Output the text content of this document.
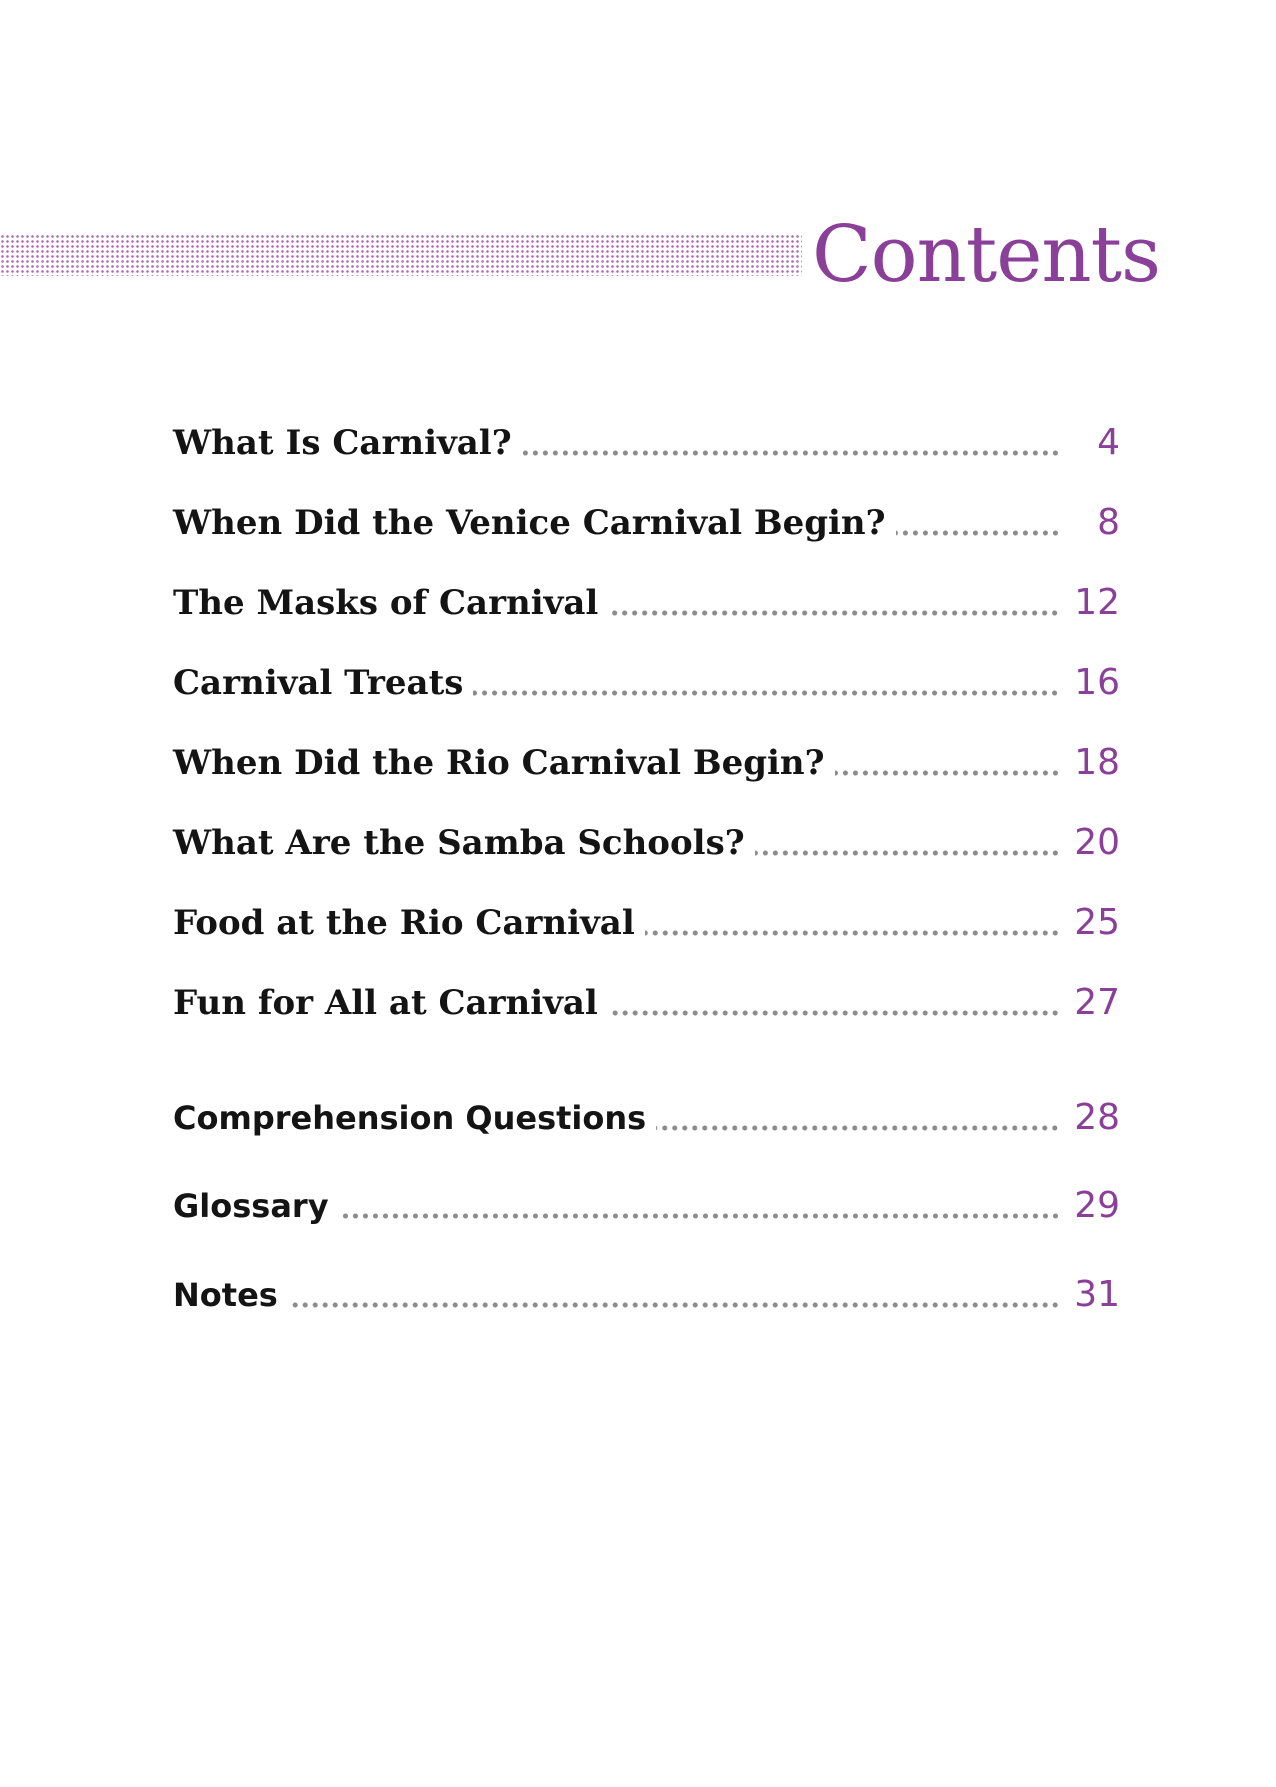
Contents
What Is Carnival?	4
When Did the Venice Carnival Begin?	8
The Masks of Carnival	12
Carnival Treats	16
When Did the Rio Carnival Begin?	18
What Are the Samba Schools?	20
Food at the Rio Carnival	25
Fun for All at Carnival	27
Comprehension Questions	28
Glossary	29
Notes	31
